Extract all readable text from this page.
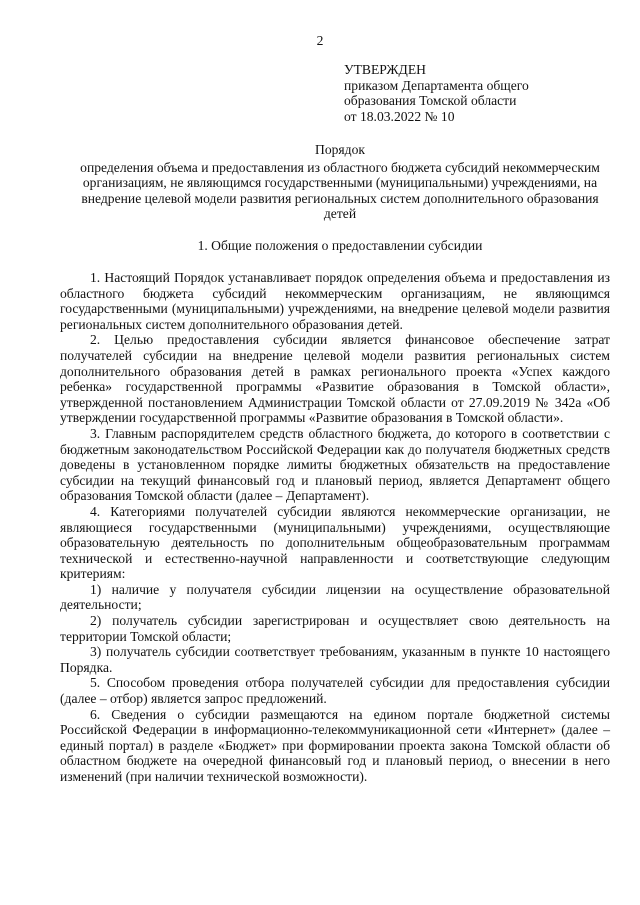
2
УТВЕРЖДЕН
приказом Департамента общего
образования Томской области
от 18.03.2022 № 10
Порядок
определения объема и предоставления из областного бюджета субсидий некоммерческим
организациям, не являющимся государственными (муниципальными) учреждениями, на
внедрение целевой модели развития региональных систем дополнительного образования
детей
1. Общие положения о предоставлении субсидии

1. Настоящий Порядок устанавливает порядок определения объема и предоставления из областного бюджета субсидий некоммерческим организациям, не являющимся государственными (муниципальными) учреждениями, на внедрение целевой модели развития региональных систем дополнительного образования детей.

2. Целью предоставления субсидии является финансовое обеспечение затрат получателей субсидии на внедрение целевой модели развития региональных систем дополнительного образования детей в рамках регионального проекта «Успех каждого ребенка» государственной программы «Развитие образования в Томской области», утвержденной постановлением Администрации Томской области от 27.09.2019 № 342а «Об утверждении государственной программы «Развитие образования в Томской области».

3. Главным распорядителем средств областного бюджета, до которого в соответствии с бюджетным законодательством Российской Федерации как до получателя бюджетных средств доведены в установленном порядке лимиты бюджетных обязательств на предоставление субсидии на текущий финансовый год и плановый период, является Департамент общего образования Томской области (далее – Департамент).

4. Категориями получателей субсидии являются некоммерческие организации, не являющиеся государственными (муниципальными) учреждениями, осуществляющие образовательную деятельность по дополнительным общеобразовательным программам технической и естественно-научной направленности и соответствующие следующим критериям:

1) наличие у получателя субсидии лицензии на осуществление образовательной деятельности;

2) получатель субсидии зарегистрирован и осуществляет свою деятельность на территории Томской области;

3) получатель субсидии соответствует требованиям, указанным в пункте 10 настоящего Порядка.

5. Способом проведения отбора получателей субсидии для предоставления субсидии (далее – отбор) является запрос предложений.

6. Сведения о субсидии размещаются на едином портале бюджетной системы Российской Федерации в информационно-телекоммуникационной сети «Интернет» (далее – единый портал) в разделе «Бюджет» при формировании проекта закона Томской области об областном бюджете на очередной финансовый год и плановый период, о внесении в него изменений (при наличии технической возможности).
